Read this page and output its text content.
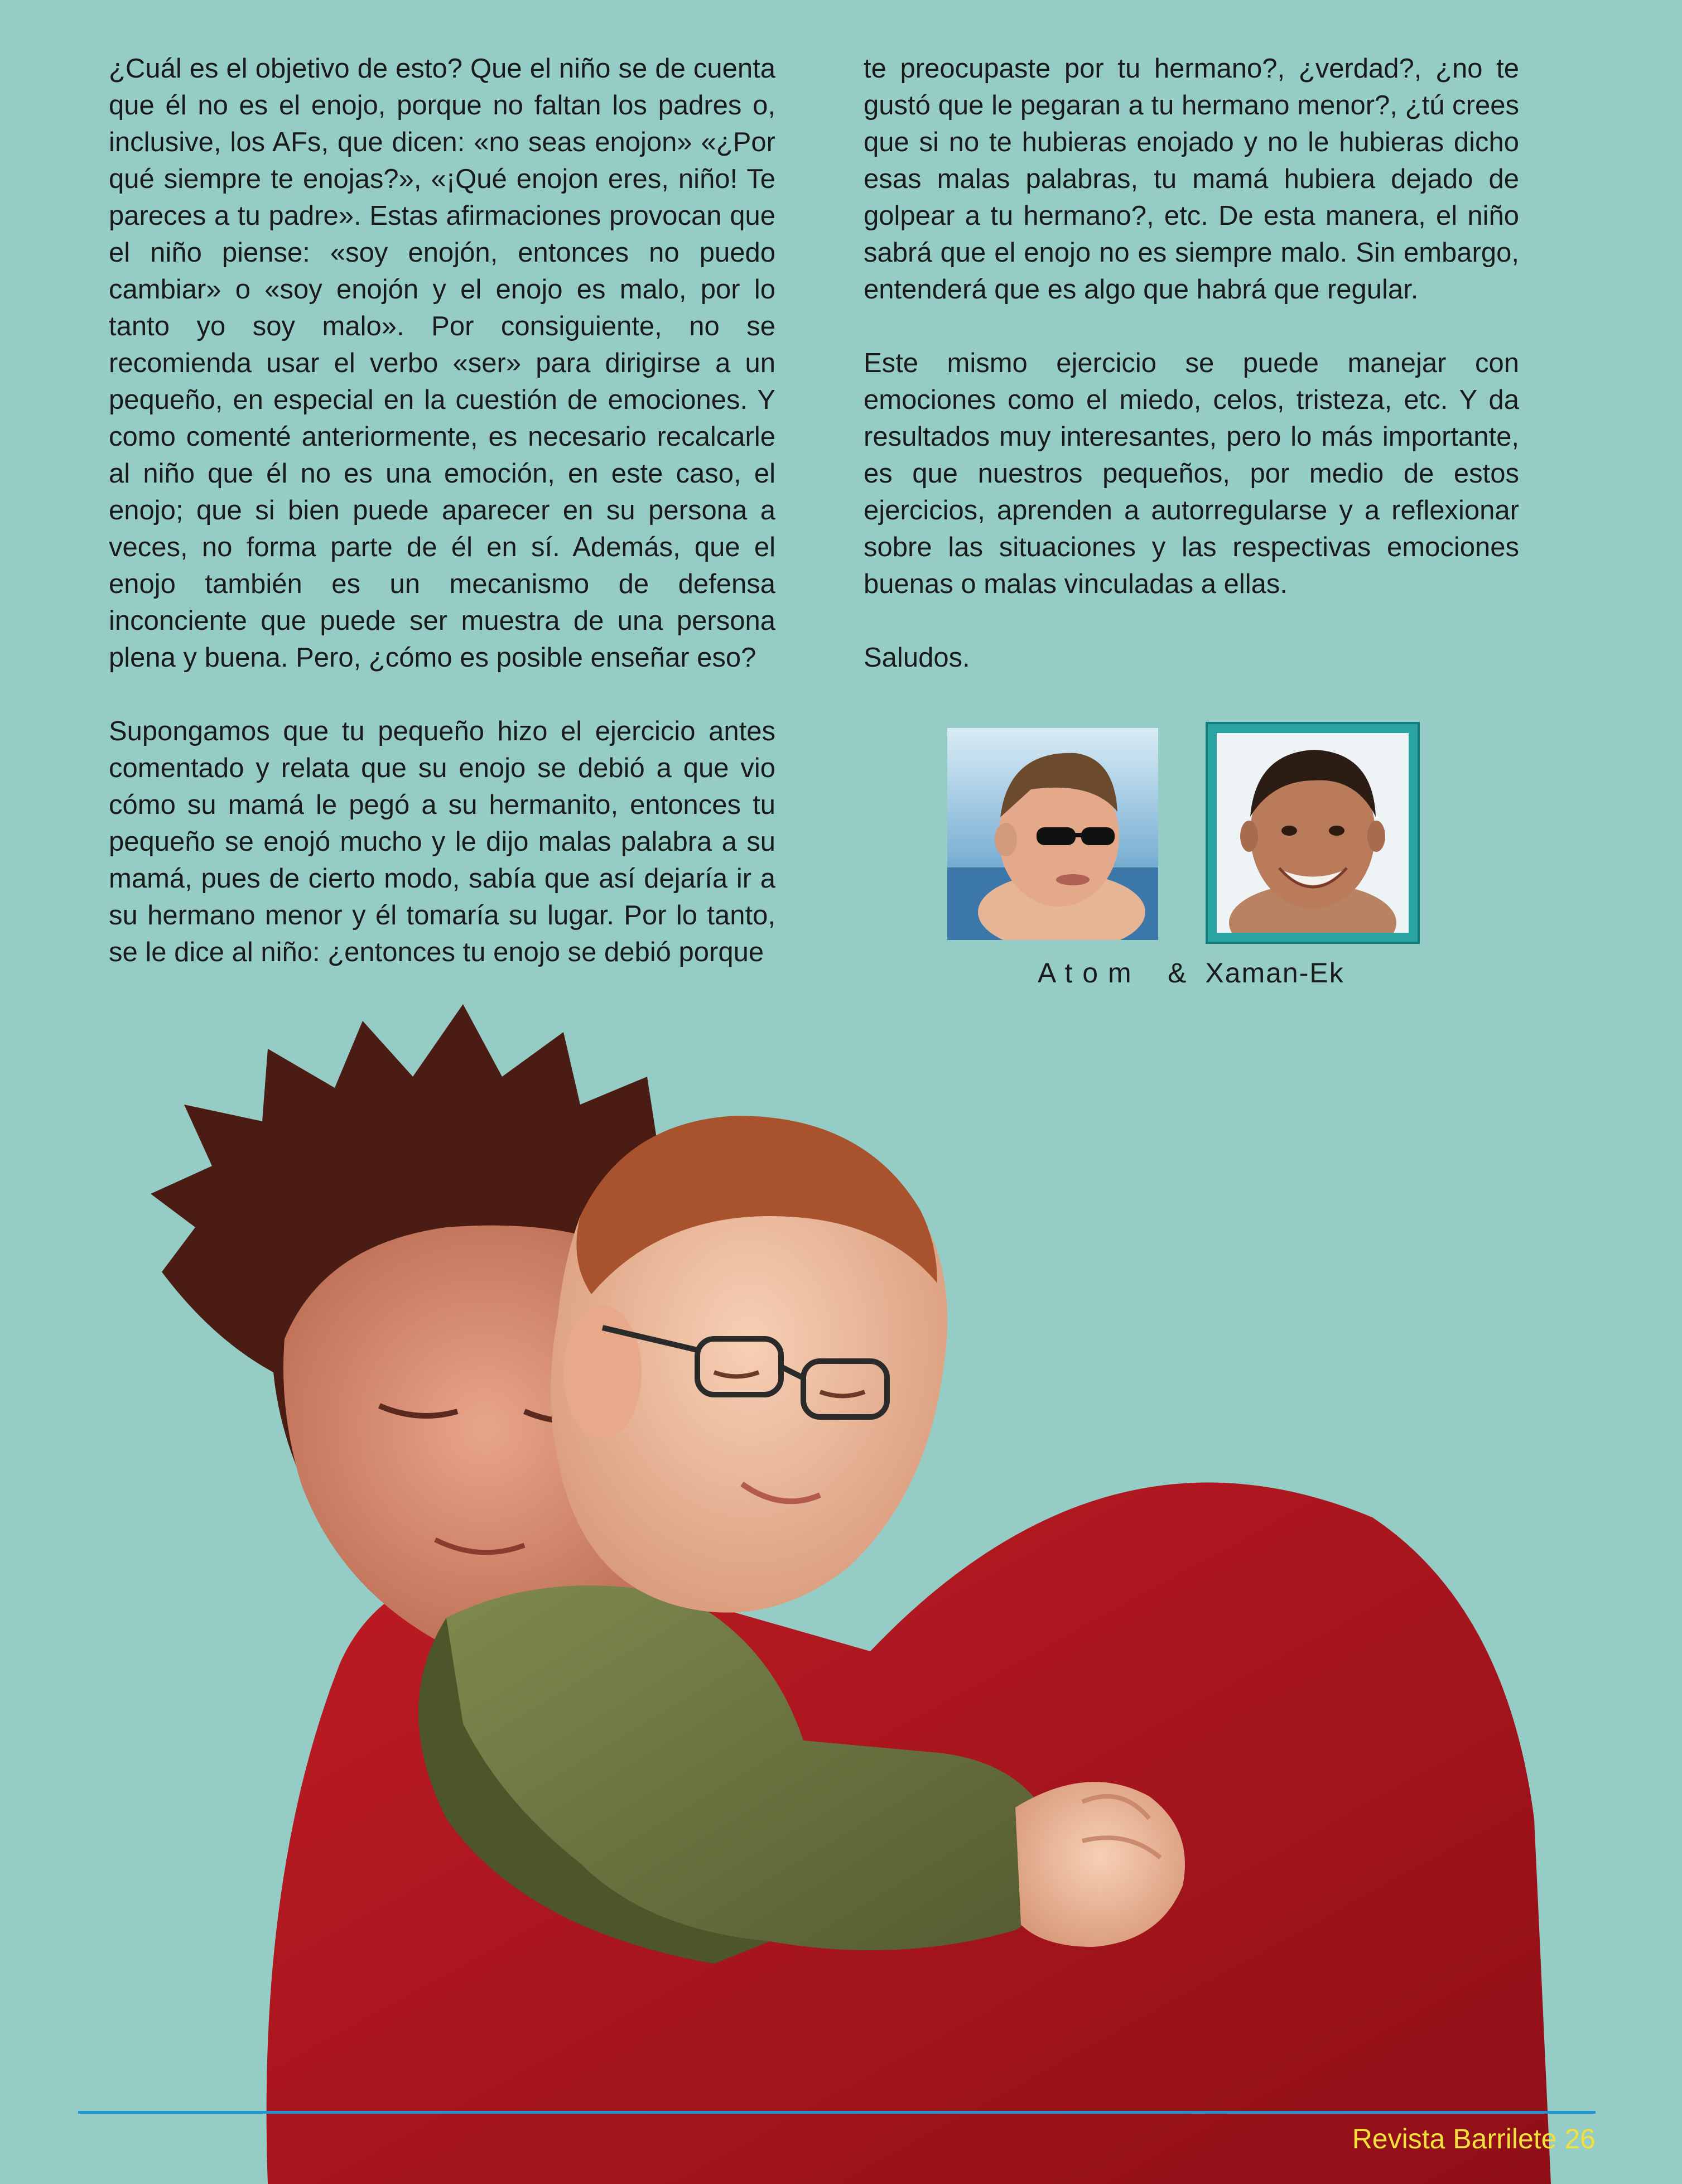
¿Cuál es el objetivo de esto? Que el niño se de cuenta que él no es el enojo, porque no faltan los padres o, inclusive, los AFs, que dicen: «no seas enojon» «¿Por qué siempre te enojas?», «¡Qué enojon eres, niño! Te pareces a tu padre». Estas afirmaciones provocan que el niño piense: «soy enojón, entonces no puedo cambiar» o «soy enojón y el enojo es malo, por lo tanto yo soy malo». Por consiguiente, no se recomienda usar el verbo «ser» para dirigirse a un pequeño, en especial en la cuestión de emociones. Y como comenté anteriormente, es necesario recalcarle al niño que él no es una emoción, en este caso, el enojo; que si bien puede aparecer en su persona a veces, no forma parte de él en sí. Además, que el enojo también es un mecanismo de defensa inconciente que puede ser muestra de una persona plena y buena. Pero, ¿cómo es posible enseñar eso?

Supongamos que tu pequeño hizo el ejercicio antes comentado y relata que su enojo se debió a que vio cómo su mamá le pegó a su hermanito, entonces tu pequeño se enojó mucho y le dijo malas palabra a su mamá, pues de cierto modo, sabía que así dejaría ir a su hermano menor y él tomaría su lugar. Por lo tanto, se le dice al niño: ¿entonces tu enojo se debió porque

te preocupaste por tu hermano?, ¿verdad?, ¿no te gustó que le pegaran a tu hermano menor?, ¿tú crees que si no te hubieras enojado y no le hubieras dicho esas malas palabras, tu mamá hubiera dejado de golpear a tu hermano?, etc. De esta manera, el niño sabrá que el enojo no es siempre malo. Sin embargo, entenderá que es algo que habrá que regular.

Este mismo ejercicio se puede manejar con emociones como el miedo, celos, tristeza, etc. Y da resultados muy interesantes, pero lo más importante, es que nuestros pequeños, por medio de estos ejercicios, aprenden a autorregularse y a reflexionar sobre las situaciones y las respectivas emociones buenas o malas vinculadas a ellas.

Saludos.

A t o m    &  Xaman-Ek
Revista Barrilete 26
